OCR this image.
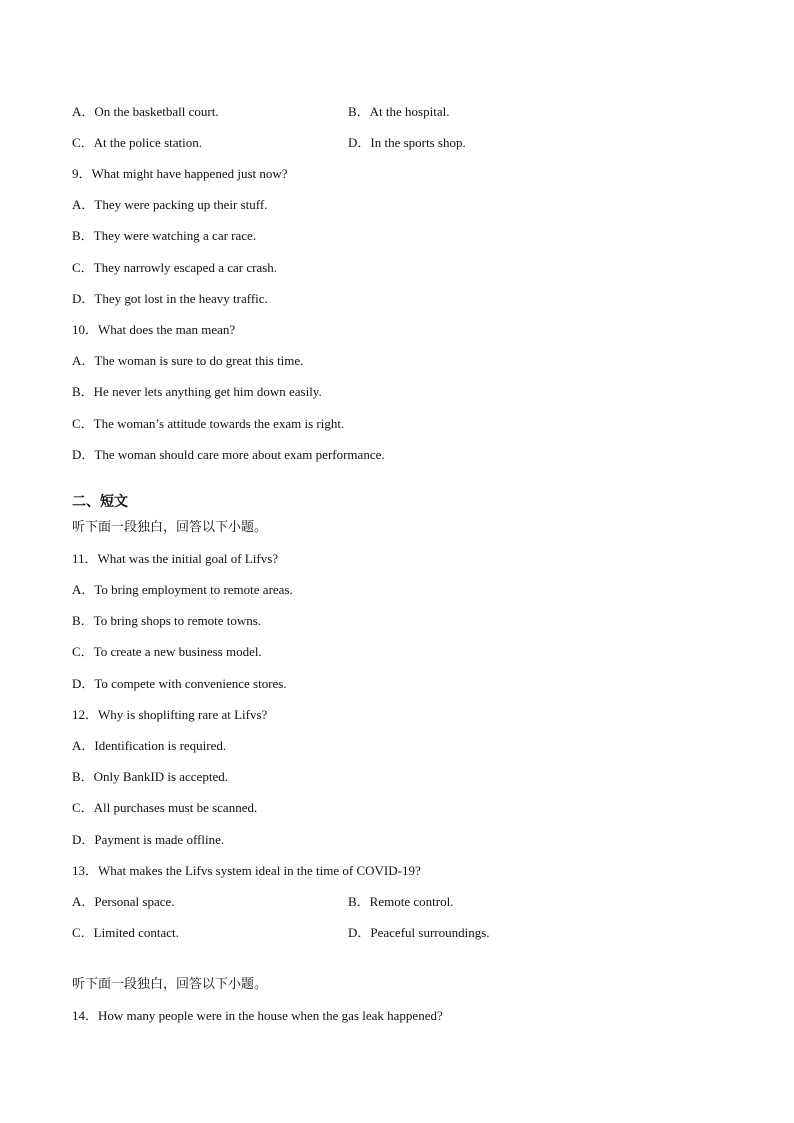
A．On the basketball court.	B．At the hospital.
C．At the police station.	D．In the sports shop.
9．What might have happened just now?
A．They were packing up their stuff.
B．They were watching a car race.
C．They narrowly escaped a car crash.
D．They got lost in the heavy traffic.
10．What does the man mean?
A．The woman is sure to do great this time.
B．He never lets anything get him down easily.
C．The woman’s attitude towards the exam is right.
D．The woman should care more about exam performance.
二、短文
听下面一段独白，回答以下小题。
11．What was the initial goal of Lifvs?
A．To bring employment to remote areas.
B．To bring shops to remote towns.
C．To create a new business model.
D．To compete with convenience stores.
12．Why is shoplifting rare at Lifvs?
A．Identification is required.
B．Only BankID is accepted.
C．All purchases must be scanned.
D．Payment is made offline.
13．What makes the Lifvs system ideal in the time of COVID-19?
A．Personal space.	B．Remote control.
C．Limited contact.	D．Peaceful surroundings.
听下面一段独白，回答以下小题。
14．How many people were in the house when the gas leak happened?
